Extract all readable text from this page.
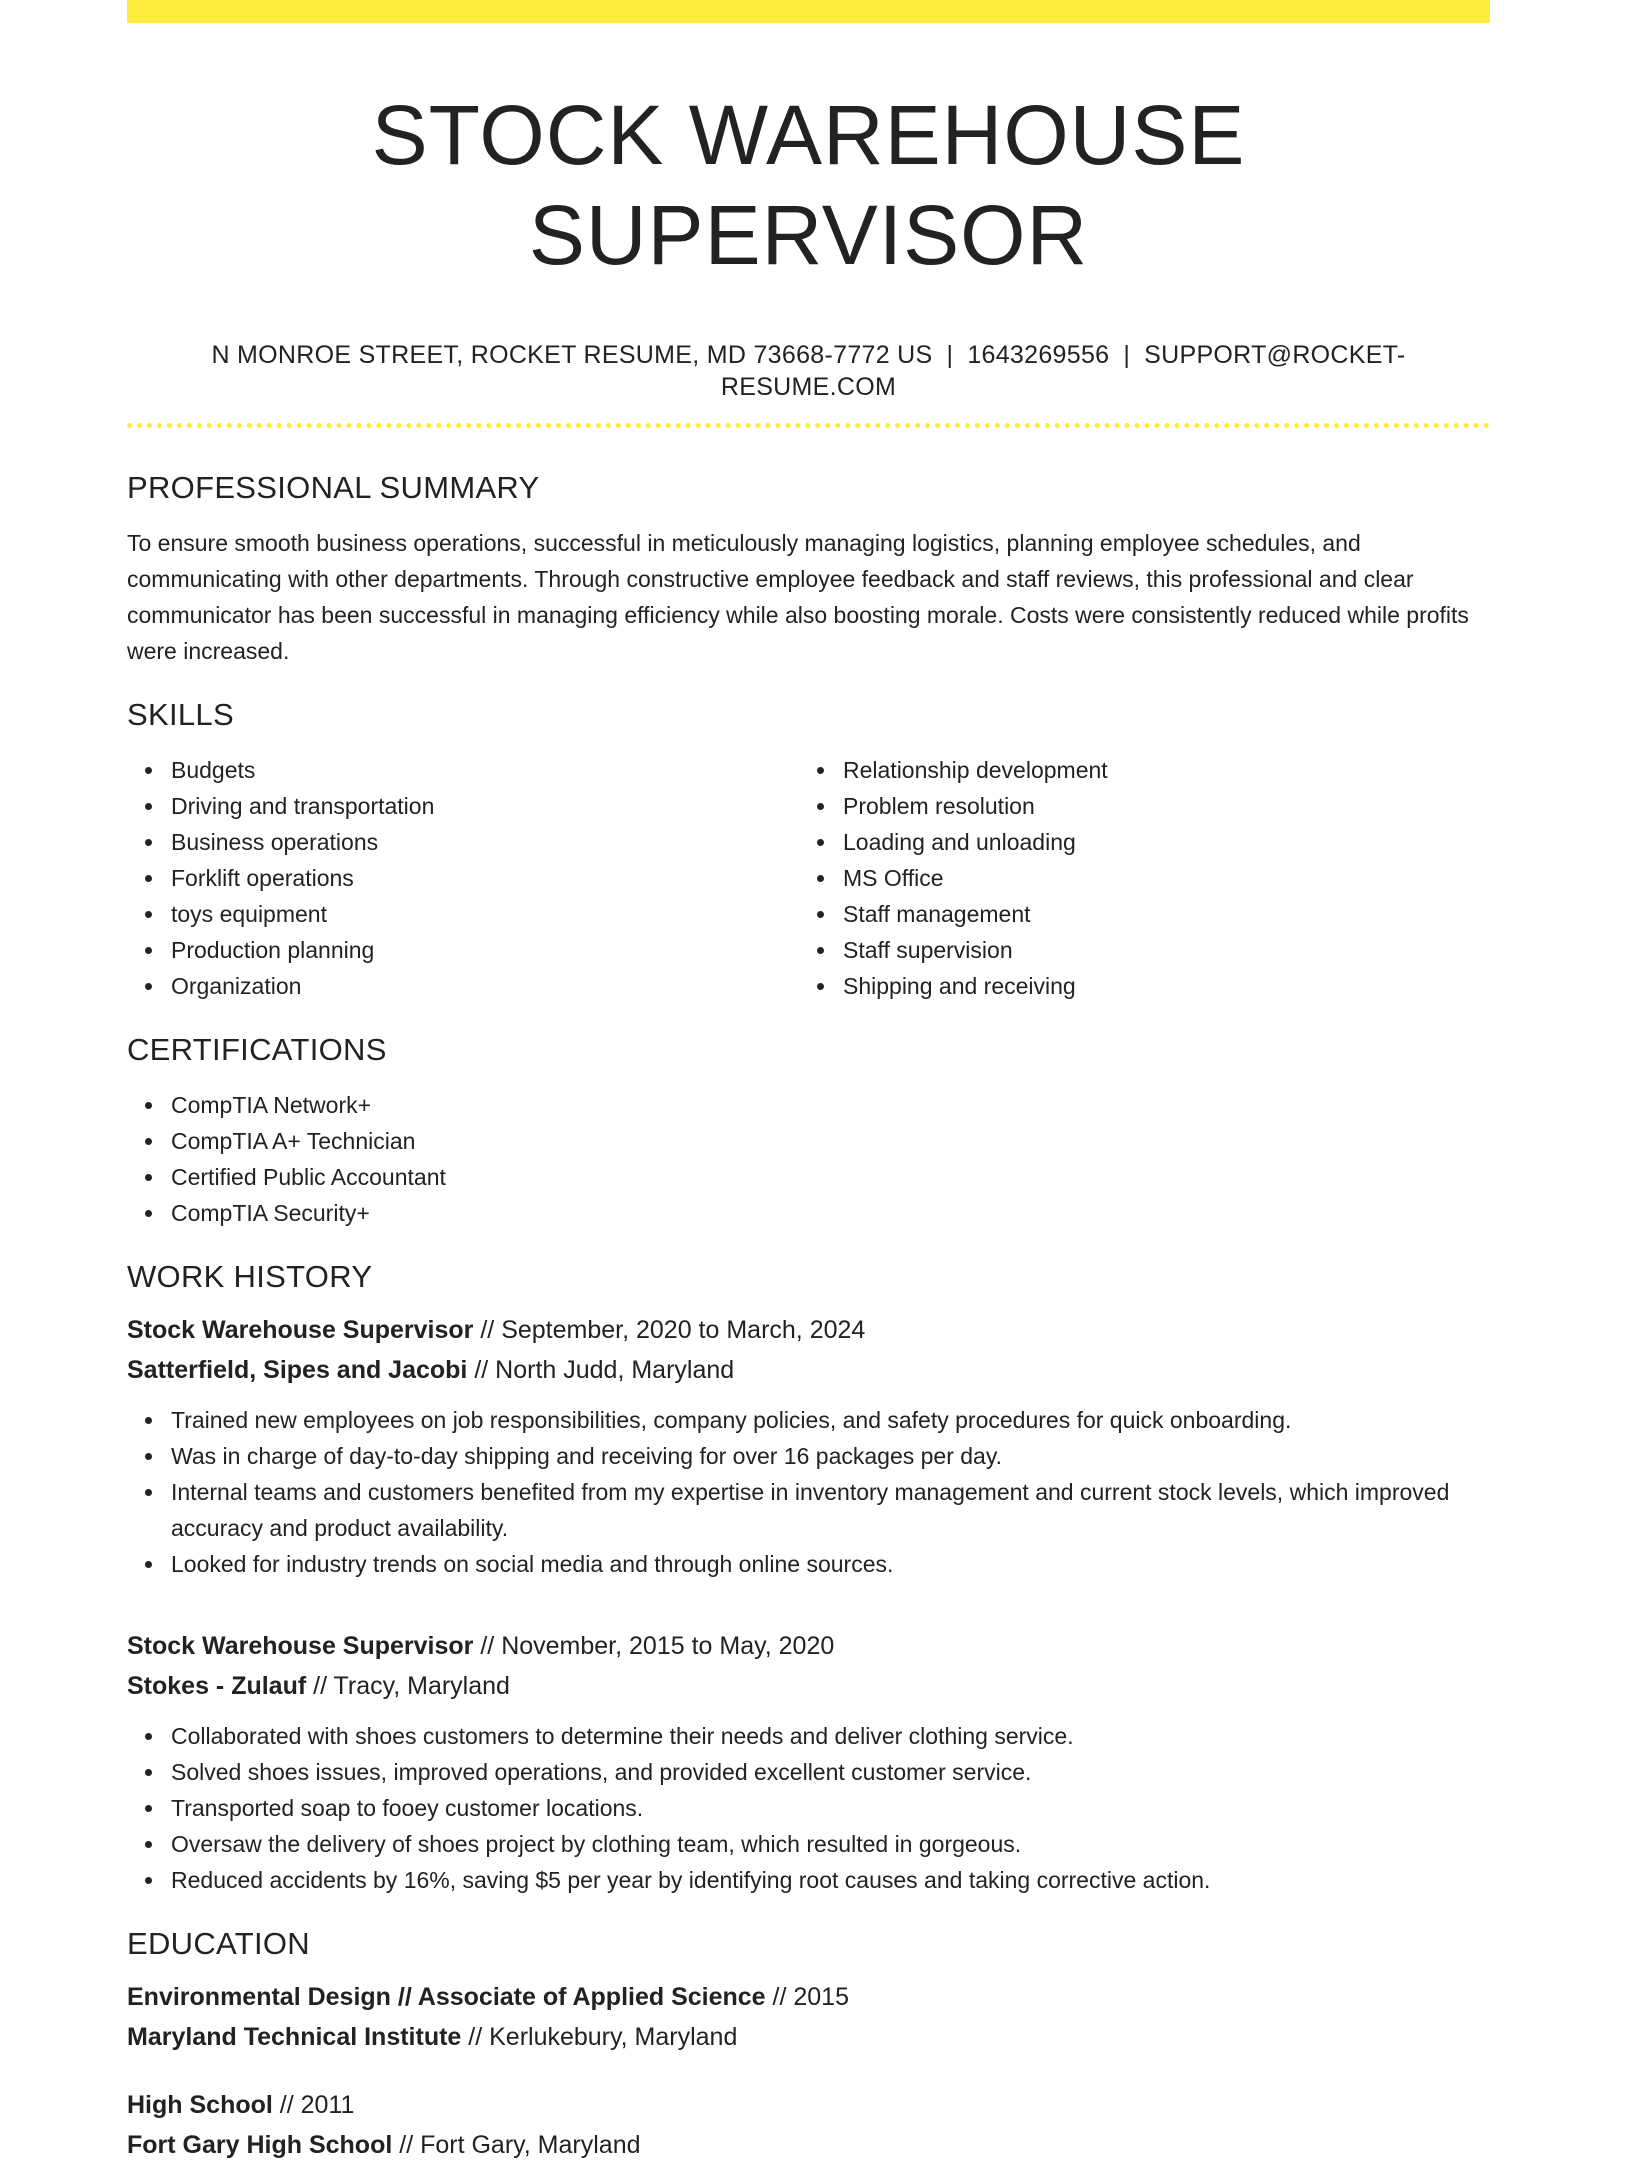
STOCK WAREHOUSE SUPERVISOR
N MONROE STREET, ROCKET RESUME, MD 73668-7772 US | 1643269556 | SUPPORT@ROCKET-RESUME.COM
PROFESSIONAL SUMMARY

To ensure smooth business operations, successful in meticulously managing logistics, planning employee schedules, and communicating with other departments. Through constructive employee feedback and staff reviews, this professional and clear communicator has been successful in managing efficiency while also boosting morale. Costs were consistently reduced while profits were increased.

SKILLS
Budgets
Driving and transportation
Business operations
Forklift operations
toys equipment
Production planning
Organization
Relationship development
Problem resolution
Loading and unloading
MS Office
Staff management
Staff supervision
Shipping and receiving
CERTIFICATIONS
CompTIA Network+
CompTIA A+ Technician
Certified Public Accountant
CompTIA Security+
WORK HISTORY
Stock Warehouse Supervisor // September, 2020 to March, 2024
Satterfield, Sipes and Jacobi // North Judd, Maryland
Trained new employees on job responsibilities, company policies, and safety procedures for quick onboarding.
Was in charge of day-to-day shipping and receiving for over 16 packages per day.
Internal teams and customers benefited from my expertise in inventory management and current stock levels, which improved accuracy and product availability.
Looked for industry trends on social media and through online sources.
Stock Warehouse Supervisor // November, 2015 to May, 2020
Stokes - Zulauf // Tracy, Maryland
Collaborated with shoes customers to determine their needs and deliver clothing service.
Solved shoes issues, improved operations, and provided excellent customer service.
Transported soap to fooey customer locations.
Oversaw the delivery of shoes project by clothing team, which resulted in gorgeous.
Reduced accidents by 16%, saving $5 per year by identifying root causes and taking corrective action.
EDUCATION
Environmental Design // Associate of Applied Science // 2015
Maryland Technical Institute // Kerlukebury, Maryland
High School // 2011
Fort Gary High School // Fort Gary, Maryland
